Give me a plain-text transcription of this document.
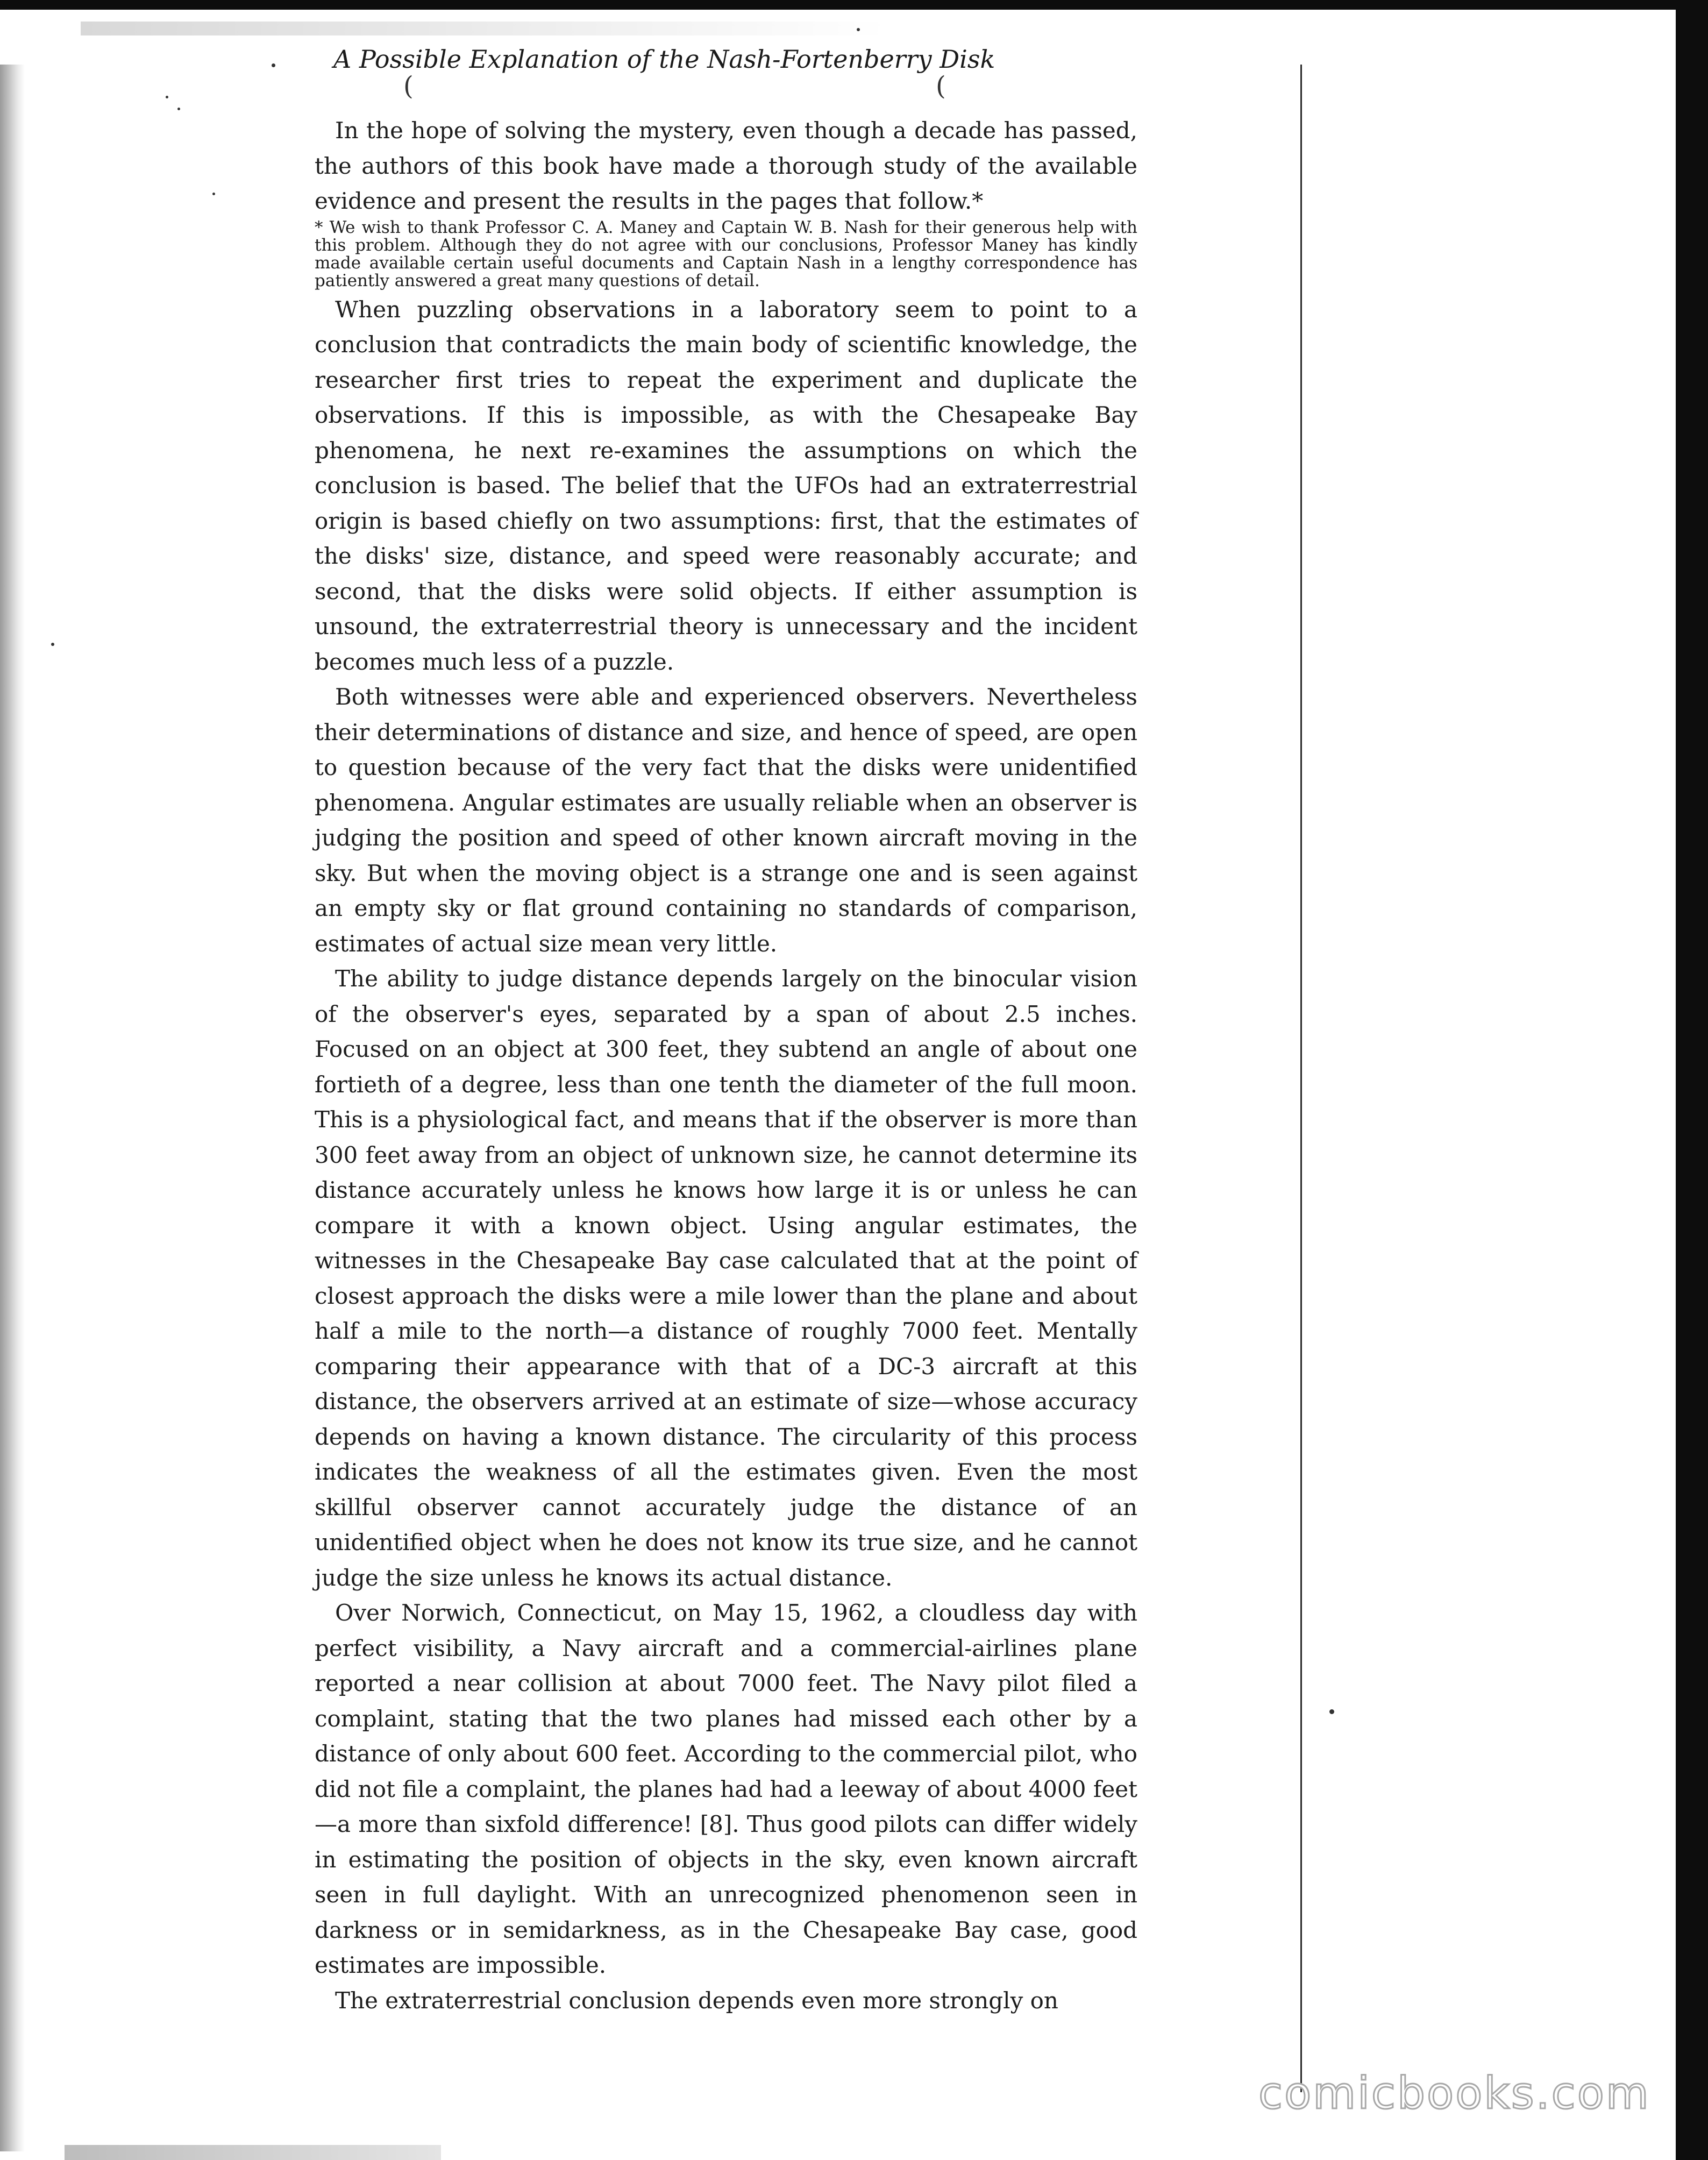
A Possible Explanation of the Nash-Fortenberry Disk
(	(

In the hope of solving the mystery, even though a decade has passed, the authors of this book have made a thorough study of the available evidence and present the results in the pages that follow.*

* We wish to thank Professor C. A. Maney and Captain W. B. Nash for their generous help with this problem. Although they do not agree with our conclusions, Professor Maney has kindly made available certain useful documents and Captain Nash in a lengthy correspondence has patiently answered a great many questions of detail.

When puzzling observations in a laboratory seem to point to a conclusion that contradicts the main body of scientific knowledge, the researcher first tries to repeat the experiment and duplicate the observations. If this is impossible, as with the Chesapeake Bay phenomena, he next re-examines the assumptions on which the conclusion is based. The belief that the UFOs had an extraterrestrial origin is based chiefly on two assumptions: first, that the estimates of the disks' size, distance, and speed were reasonably accurate; and second, that the disks were solid objects. If either assumption is unsound, the extraterrestrial theory is unnecessary and the incident becomes much less of a puzzle.

Both witnesses were able and experienced observers. Nevertheless their determinations of distance and size, and hence of speed, are open to question because of the very fact that the disks were unidentified phenomena. Angular estimates are usually reliable when an observer is judging the position and speed of other known aircraft moving in the sky. But when the moving object is a strange one and is seen against an empty sky or flat ground containing no standards of comparison, estimates of actual size mean very little.

The ability to judge distance depends largely on the binocular vision of the observer's eyes, separated by a span of about 2.5 inches. Focused on an object at 300 feet, they subtend an angle of about one fortieth of a degree, less than one tenth the diameter of the full moon. This is a physiological fact, and means that if the observer is more than 300 feet away from an object of unknown size, he cannot determine its distance accurately unless he knows how large it is or unless he can compare it with a known object. Using angular estimates, the witnesses in the Chesapeake Bay case calculated that at the point of closest approach the disks were a mile lower than the plane and about half a mile to the north—a distance of roughly 7000 feet. Mentally comparing their appearance with that of a DC-3 aircraft at this distance, the observers arrived at an estimate of size—whose accuracy depends on having a known distance. The circularity of this process indicates the weakness of all the estimates given. Even the most skillful observer cannot accurately judge the distance of an unidentified object when he does not know its true size, and he cannot judge the size unless he knows its actual distance.

Over Norwich, Connecticut, on May 15, 1962, a cloudless day with perfect visibility, a Navy aircraft and a commercial-airlines plane reported a near collision at about 7000 feet. The Navy pilot filed a complaint, stating that the two planes had missed each other by a distance of only about 600 feet. According to the commercial pilot, who did not file a complaint, the planes had had a leeway of about 4000 feet—a more than sixfold difference! [8]. Thus good pilots can differ widely in estimating the position of objects in the sky, even known aircraft seen in full daylight. With an unrecognized phenomenon seen in darkness or in semidarkness, as in the Chesapeake Bay case, good estimates are impossible.

The extraterrestrial conclusion depends even more strongly on

comicbooks.com
